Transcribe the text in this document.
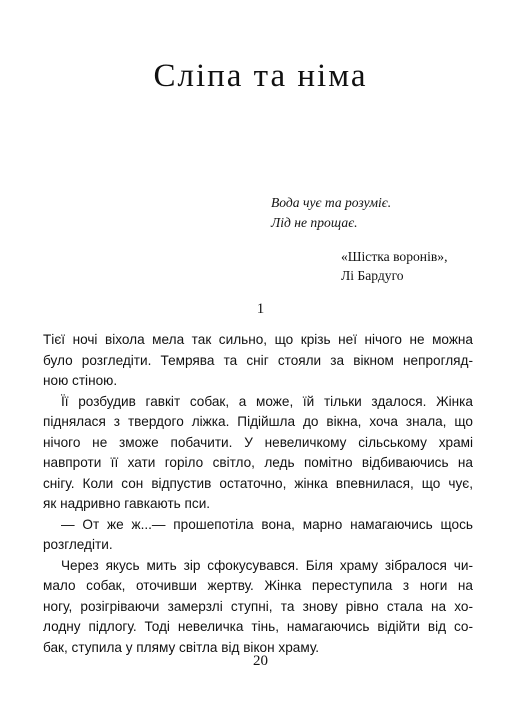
Сліпа та німа
Вода чує та розуміє.
Лід не прощає.
«Шістка воронів»,
Лі Бардуго

1

Тієї ночі віхола мела так сильно, що крізь неї нічого не можна
було розгледіти. Темрява та сніг стояли за вікном непрогляд-
ною стіною.

Її розбудив гавкіт собак, а може, їй тільки здалося. Жінка
піднялася з твердого ліжка. Підійшла до вікна, хоча знала, що
нічого не зможе побачити. У невеличкому сільському храмі
навпроти її хати горіло світло, ледь помітно відбиваючись на
снігу. Коли сон відпустив остаточно, жінка впевнилася, що чує,
як надривно гавкають пси.

— От же ж...— прошепотіла вона, марно намагаючись щось
розгледіти.

Через якусь мить зір сфокусувався. Біля храму зібралося чи-
мало собак, оточивши жертву. Жінка переступила з ноги на
ногу, розігріваючи замерзлі ступні, та знову рівно стала на хо-
лодну підлогу. Тоді невеличка тінь, намагаючись відійти від со-
бак, ступила у пляму світла від вікон храму.

20
